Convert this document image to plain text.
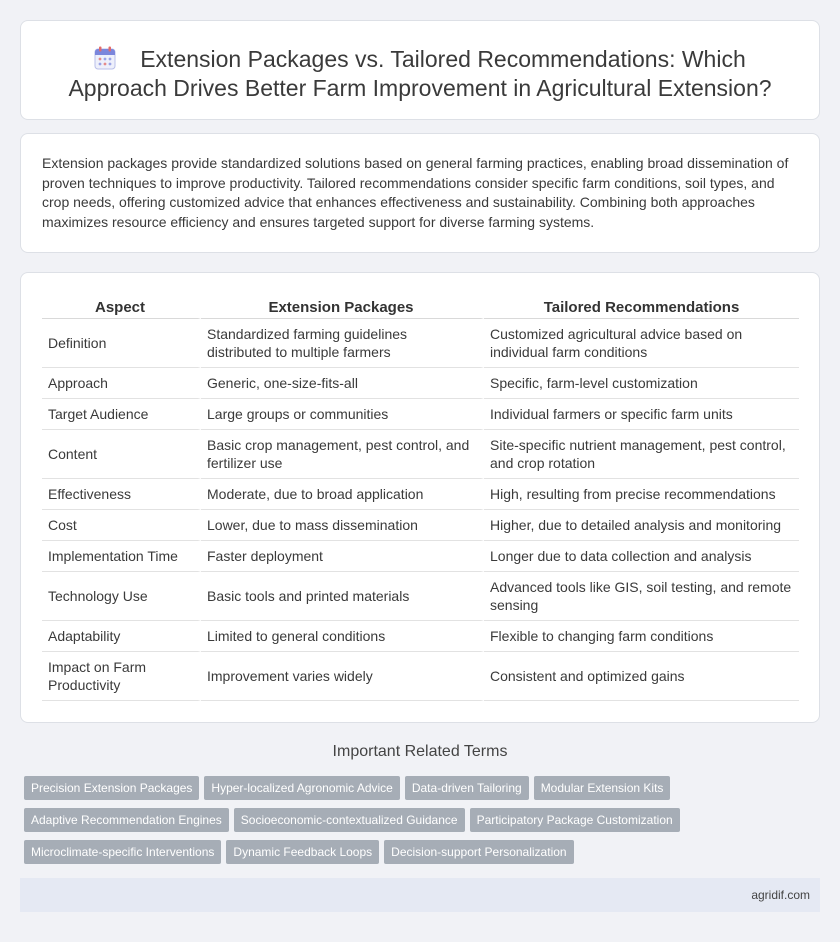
Extension Packages vs. Tailored Recommendations: Which
Approach Drives Better Farm Improvement in Agricultural Extension?

Extension packages provide standardized solutions based on general farming practices, enabling broad dissemination of proven techniques to improve productivity. Tailored recommendations consider specific farm conditions, soil types, and crop needs, offering customized advice that enhances effectiveness and sustainability. Combining both approaches maximizes resource efficiency and ensures targeted support for diverse farming systems.

Aspect	Extension Packages	Tailored Recommendations
Definition	Standardized farming guidelines distributed to multiple farmers	Customized agricultural advice based on individual farm conditions
Approach	Generic, one-size-fits-all	Specific, farm-level customization
Target Audience	Large groups or communities	Individual farmers or specific farm units
Content	Basic crop management, pest control, and fertilizer use	Site-specific nutrient management, pest control, and crop rotation
Effectiveness	Moderate, due to broad application	High, resulting from precise recommendations
Cost	Lower, due to mass dissemination	Higher, due to detailed analysis and monitoring
Implementation Time	Faster deployment	Longer due to data collection and analysis
Technology Use	Basic tools and printed materials	Advanced tools like GIS, soil testing, and remote sensing
Adaptability	Limited to general conditions	Flexible to changing farm conditions
Impact on Farm Productivity	Improvement varies widely	Consistent and optimized gains
Important Related Terms
Precision Extension Packages Hyper-localized Agronomic Advice Data-driven Tailoring Modular Extension Kits
Adaptive Recommendation Engines Socioeconomic-contextualized Guidance Participatory Package Customization
Microclimate-specific Interventions Dynamic Feedback Loops Decision-support Personalization
agridif.com
